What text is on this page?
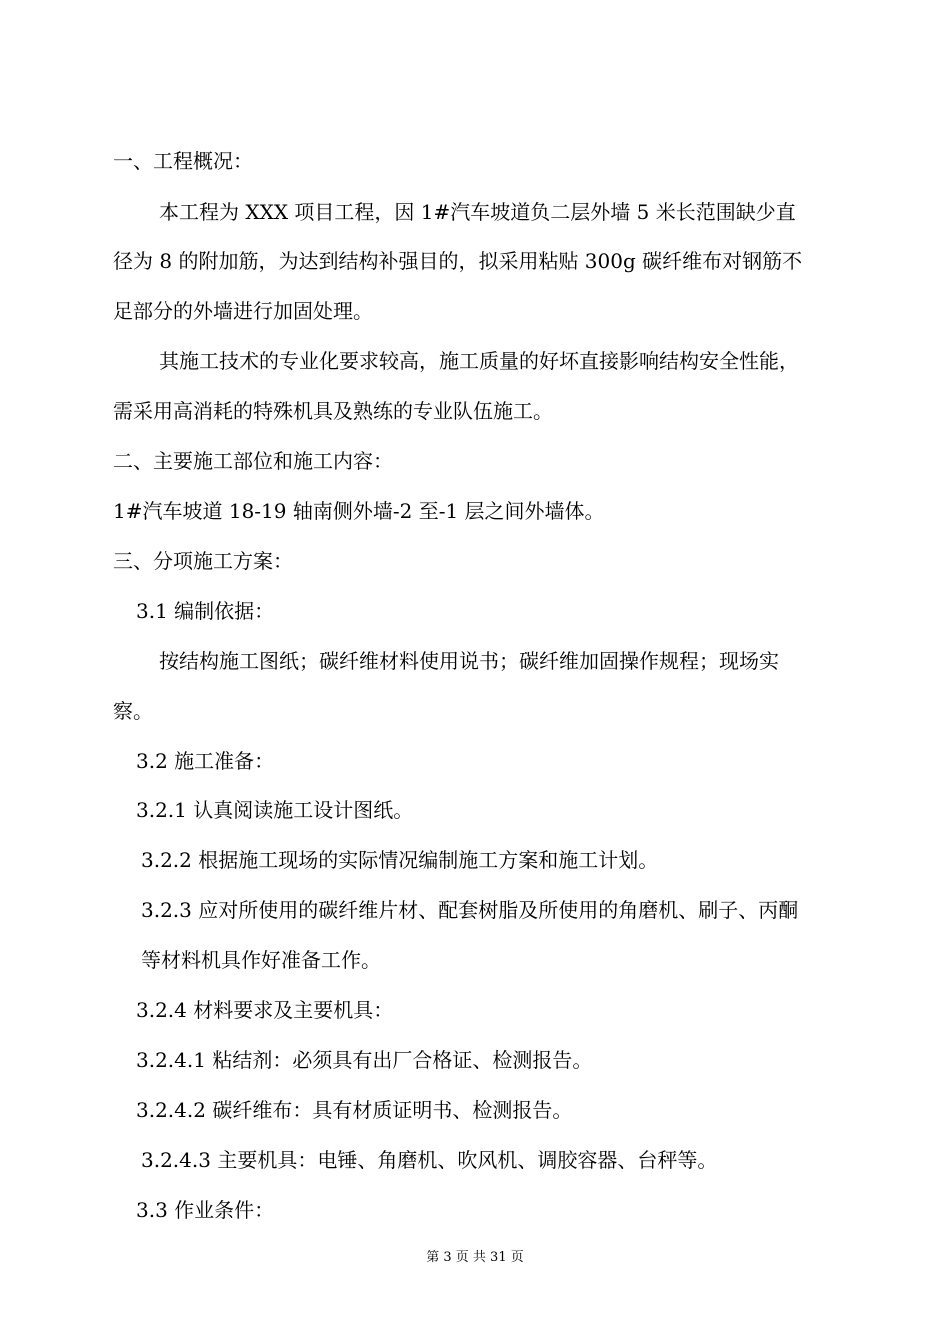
一、工程概况：
本工程为 XXX 项目工程，因 1#汽车坡道负二层外墙 5 米长范围缺少直
径为 8 的附加筋，为达到结构补强目的，拟采用粘贴 300g 碳纤维布对钢筋不
足部分的外墙进行加固处理。
其施工技术的专业化要求较高，施工质量的好坏直接影响结构安全性能，
需采用高消耗的特殊机具及熟练的专业队伍施工。
二、主要施工部位和施工内容：
1#汽车坡道 18-19 轴南侧外墙-2 至-1 层之间外墙体。
三、分项施工方案：
3.1 编制依据：
按结构施工图纸；碳纤维材料使用说书；碳纤维加固操作规程；现场实
察。
3.2 施工准备：
3.2.1 认真阅读施工设计图纸。
3.2.2 根据施工现场的实际情况编制施工方案和施工计划。
3.2.3 应对所使用的碳纤维片材、配套树脂及所使用的角磨机、刷子、丙酮
等材料机具作好准备工作。
3.2.4 材料要求及主要机具：
3.2.4.1 粘结剂：必须具有出厂合格证、检测报告。
3.2.4.2 碳纤维布：具有材质证明书、检测报告。
3.2.4.3 主要机具：电锤、角磨机、吹风机、调胶容器、台秤等。
3.3 作业条件：
第 3 页 共 31 页
